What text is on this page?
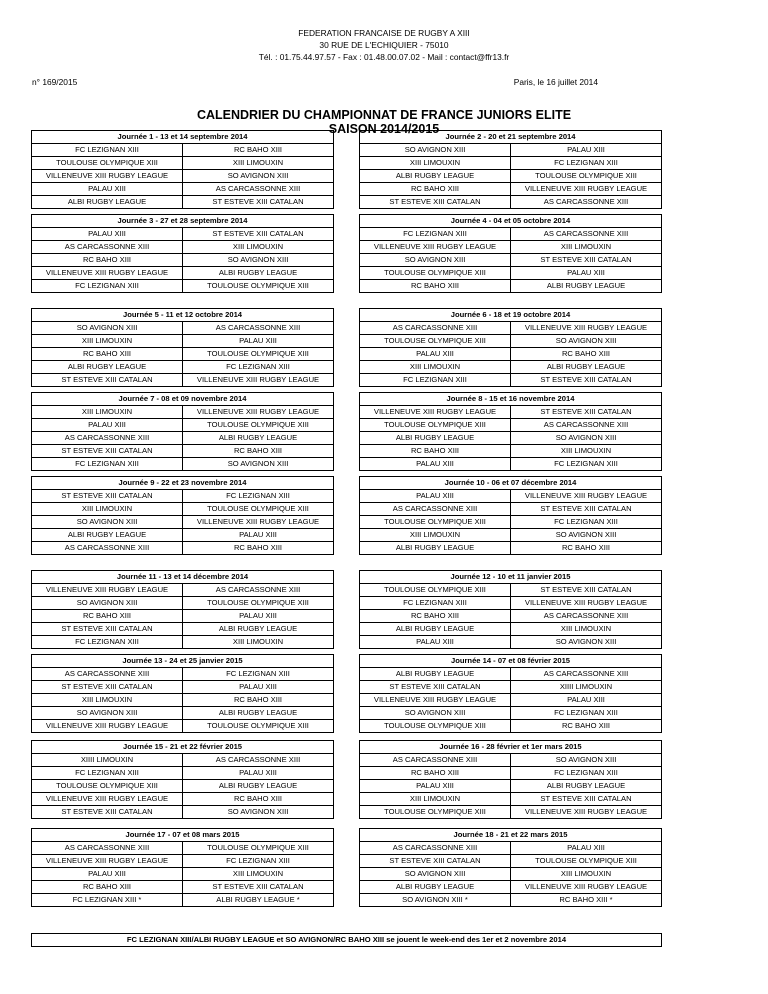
FEDERATION FRANCAISE DE RUGBY A XIII
30 RUE DE L'ECHIQUIER - 75010
Tél. : 01.75.44.97.57 - Fax : 01.48.00.07.02 - Mail : contact@ffr13.fr
n° 169/2015	Paris, le 16 juillet 2014
CALENDRIER DU CHAMPIONNAT DE FRANCE JUNIORS ELITE
SAISON 2014/2015
Journée 1 - 13 et 14 septembre 2014
FC LEZIGNAN XIII	RC BAHO XIII
TOULOUSE OLYMPIQUE XIII	XIII LIMOUXIN
VILLENEUVE XIII RUGBY LEAGUE	SO AVIGNON XIII
PALAU XIII	AS CARCASSONNE XIII
ALBI RUGBY LEAGUE	ST ESTEVE XIII CATALAN
Journée 2 - 20 et 21 septembre 2014
SO AVIGNON XIII	PALAU XIII
XIII LIMOUXIN	FC LEZIGNAN XIII
ALBI RUGBY LEAGUE	TOULOUSE OLYMPIQUE XIII
RC BAHO XIII	VILLENEUVE XIII RUGBY LEAGUE
ST ESTEVE XIII CATALAN	AS CARCASSONNE XIII
Journée 3 - 27 et 28 septembre 2014
PALAU XIII	ST ESTEVE XIII CATALAN
AS CARCASSONNE XIII	XIII LIMOUXIN
RC BAHO XIII	SO AVIGNON XIII
VILLENEUVE XIII RUGBY LEAGUE	ALBI RUGBY LEAGUE
FC LEZIGNAN XIII	TOULOUSE OLYMPIQUE XIII
Journée 4 - 04 et 05 octobre 2014
FC LEZIGNAN XIII	AS CARCASSONNE XIII
VILLENEUVE XIII RUGBY LEAGUE	XIII LIMOUXIN
SO AVIGNON XIII	ST ESTEVE XIII CATALAN
TOULOUSE OLYMPIQUE XIII	PALAU XIII
RC BAHO XIII	ALBI RUGBY LEAGUE
Journée 5 - 11 et 12 octobre 2014
SO AVIGNON XIII	AS CARCASSONNE XIII
XIII LIMOUXIN	PALAU XIII
RC BAHO XIII	TOULOUSE OLYMPIQUE XIII
ALBI RUGBY LEAGUE	FC LEZIGNAN XIII
ST ESTEVE XIII CATALAN	VILLENEUVE XIII RUGBY LEAGUE
Journée 6 - 18 et 19 octobre 2014
AS CARCASSONNE XIII	VILLENEUVE XIII RUGBY LEAGUE
TOULOUSE OLYMPIQUE XIII	SO AVIGNON XIII
PALAU XIII	RC BAHO XIII
XIII LIMOUXIN	ALBI RUGBY LEAGUE
FC LEZIGNAN XIII	ST ESTEVE XIII CATALAN
Journée 7 - 08 et 09 novembre 2014
XIII LIMOUXIN	VILLENEUVE XIII RUGBY LEAGUE
PALAU XIII	TOULOUSE OLYMPIQUE XIII
AS CARCASSONNE XIII	ALBI RUGBY LEAGUE
ST ESTEVE XIII CATALAN	RC BAHO XIII
FC LEZIGNAN XIII	SO AVIGNON XIII
Journée 8 - 15 et 16 novembre 2014
VILLENEUVE XIII RUGBY LEAGUE	ST ESTEVE XIII CATALAN
TOULOUSE OLYMPIQUE XIII	AS CARCASSONNE XIII
ALBI RUGBY LEAGUE	SO AVIGNON XIII
RC BAHO XIII	XIII LIMOUXIN
PALAU XIII	FC LEZIGNAN XIII
Journée 9 - 22 et 23 novembre 2014
ST ESTEVE XIII CATALAN	FC LEZIGNAN XIII
XIII LIMOUXIN	TOULOUSE OLYMPIQUE XIII
SO AVIGNON XIII	VILLENEUVE XIII RUGBY LEAGUE
ALBI RUGBY LEAGUE	PALAU XIII
AS CARCASSONNE XIII	RC BAHO XIII
Journée 10 - 06 et 07 décembre 2014
PALAU XIII	VILLENEUVE XIII RUGBY LEAGUE
AS CARCASSONNE XIII	ST ESTEVE XIII CATALAN
TOULOUSE OLYMPIQUE XIII	FC LEZIGNAN XIII
XIII LIMOUXIN	SO AVIGNON XIII
ALBI RUGBY LEAGUE	RC BAHO XIII
Journée 11 - 13 et 14 décembre 2014
VILLENEUVE XIII RUGBY LEAGUE	AS CARCASSONNE XIII
SO AVIGNON XIII	TOULOUSE OLYMPIQUE XIII
RC BAHO XIII	PALAU XIII
ST ESTEVE XIII CATALAN	ALBI RUGBY LEAGUE
FC LEZIGNAN XIII	XIII LIMOUXIN
Journée 12 - 10 et 11 janvier 2015
TOULOUSE OLYMPIQUE XIII	ST ESTEVE XIII CATALAN
FC LEZIGNAN XIII	VILLENEUVE XIII RUGBY LEAGUE
RC BAHO XIII	AS CARCASSONNE XIII
ALBI RUGBY LEAGUE	XIII LIMOUXIN
PALAU XIII	SO AVIGNON XIII
Journée 13 - 24 et 25 janvier 2015
AS CARCASSONNE XIII	FC LEZIGNAN XIII
ST ESTEVE XIII CATALAN	PALAU XIII
XIII LIMOUXIN	RC BAHO XIII
SO AVIGNON XIII	ALBI RUGBY LEAGUE
VILLENEUVE XIII RUGBY LEAGUE	TOULOUSE OLYMPIQUE XIII
Journée 14 - 07 et 08 février 2015
ALBI RUGBY LEAGUE	AS CARCASSONNE XIII
ST ESTEVE XIII CATALAN	XIIII LIMOUXIN
VILLENEUVE XIII RUGBY LEAGUE	PALAU XIII
SO AVIGNON XIII	FC LEZIGNAN XIII
TOULOUSE OLYMPIQUE XIII	RC BAHO XIII
Journée 15 - 21 et 22 février 2015
XIIII LIMOUXIN	AS CARCASSONNE XIII
FC LEZIGNAN XIII	PALAU XIII
TOULOUSE OLYMPIQUE XIII	ALBI RUGBY LEAGUE
VILLENEUVE XIII RUGBY LEAGUE	RC BAHO XIII
ST ESTEVE XIII CATALAN	SO AVIGNON XIII
Journée 16 - 28 février et 1er mars 2015
AS CARCASSONNE XIII	SO AVIGNON XIII
RC BAHO XIII	FC LEZIGNAN XIII
PALAU XIII	ALBI RUGBY LEAGUE
XIII LIMOUXIN	ST ESTEVE XIII CATALAN
TOULOUSE OLYMPIQUE XIII	VILLENEUVE XIII RUGBY LEAGUE
Journée 17 - 07 et 08 mars 2015
AS CARCASSONNE XIII	TOULOUSE OLYMPIQUE XIII
VILLENEUVE XIII RUGBY LEAGUE	FC LEZIGNAN XIII
PALAU XIII	XIII LIMOUXIN
RC BAHO XIII	ST ESTEVE XIII CATALAN
FC LEZIGNAN XIII *	ALBI RUGBY LEAGUE *
Journée 18 - 21 et 22 mars 2015
AS CARCASSONNE XIII	PALAU XIII
ST ESTEVE XIII CATALAN	TOULOUSE OLYMPIQUE XIII
SO AVIGNON XIII	XIII LIMOUXIN
ALBI RUGBY LEAGUE	VILLENEUVE XIII RUGBY LEAGUE
SO AVIGNON XIII *	RC BAHO XIII *
FC LEZIGNAN XIII/ALBI RUGBY LEAGUE et SO AVIGNON/RC BAHO XIII se jouent le week-end des 1er et 2 novembre 2014
